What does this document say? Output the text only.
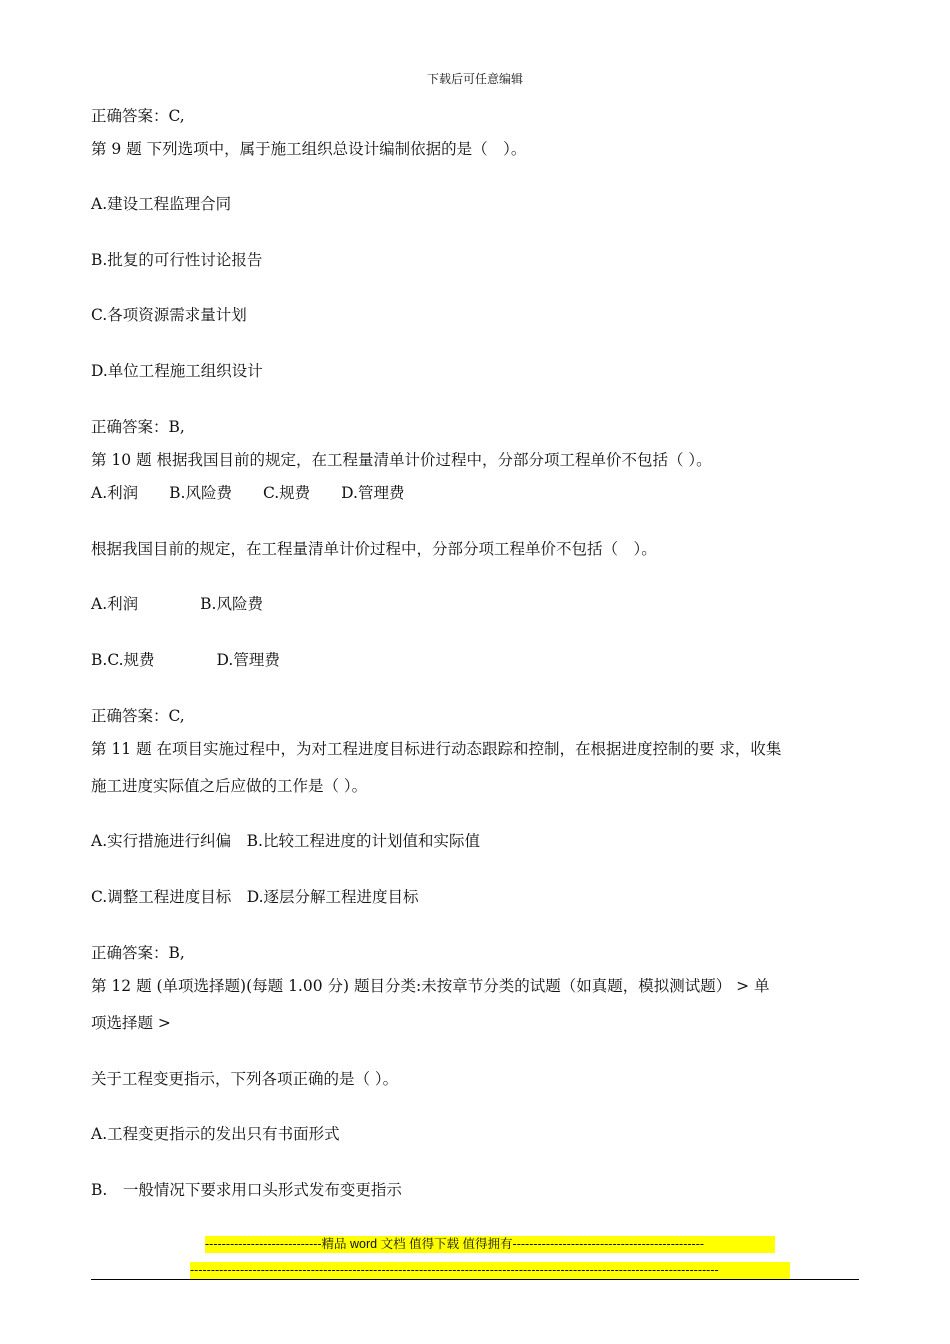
下载后可任意编辑
正确答案：C,
第 9 题 下列选项中，属于施工组织总设计编制依据的是（　）。
A.建设工程监理合同
B.批复的可行性讨论报告
C.各项资源需求量计划
D.单位工程施工组织设计
正确答案：B,
第 10 题 根据我国目前的规定，在工程量清单计价过程中，分部分项工程单价不包括（ ）。
A.利润　　B.风险费　　C.规费　　D.管理费
根据我国目前的规定，在工程量清单计价过程中，分部分项工程单价不包括（　）。
A.利润　　　　B.风险费
B.C.规费　　　　D.管理费
正确答案：C,
第 11 题 在项目实施过程中，为对工程进度目标进行动态跟踪和控制，在根据进度控制的要 求，收集
施工进度实际值之后应做的工作是（ ）。
A.实行措施进行纠偏　B.比较工程进度的计划值和实际值
C.调整工程进度目标　D.逐层分解工程进度目标
正确答案：B,
第 12 题 (单项选择题)(每题 1.00 分) 题目分类:未按章节分类的试题（如真题，模拟测试题） > 单
项选择题 >
关于工程变更指示，下列各项正确的是（ ）。
A.工程变更指示的发出只有书面形式
B.　一般情况下要求用口头形式发布变更指示
----------------------------精品 word 文档 值得下载 值得拥有----------------------------------------------
-------------------------------------------------------------------------------------------------------------------------------
